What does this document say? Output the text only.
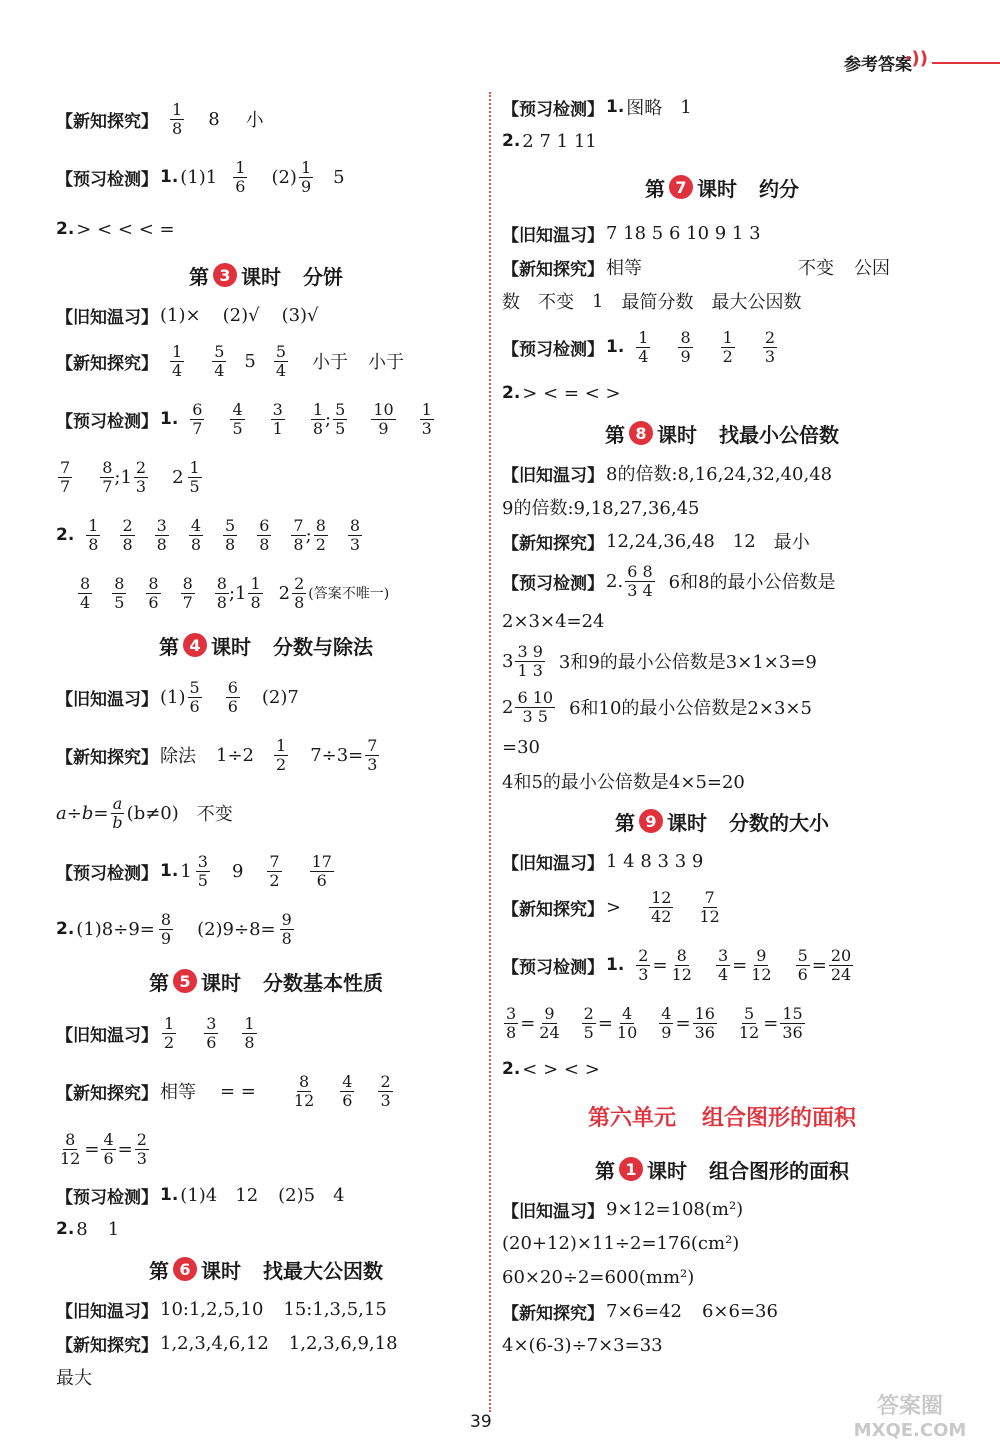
参考答案
·))
【新知探究】 $\frac{1}{8} 8$ 小
【预习检测】 1. $(1)1 \frac{1}{6} (2) \frac{1}{9} 5$
2. > < < < =
第 3 课时 分饼
【旧知温习】 (1)× (2)√ (3)√
【新知探究】 $\frac{1}{4} \frac{5}{4} 5 \frac{5}{4}$ 小于 小于
【预习检测】 1. $\frac{6}{7} \frac{4}{5} \frac{3}{1} \frac{1}{8}$ ; $\frac{5}{5} \frac{10}{9} \frac{1}{3}$
$\frac{7}{7} \frac{8}{7}$ ;1 $\frac{2}{3} 2 \frac{1}{5}$
2. $\frac{1}{8} \frac{2}{8} \frac{3}{8} \frac{4}{8} \frac{5}{8} \frac{6}{8} \frac{7}{8}$ ; $\frac{8}{2} \frac{8}{3}$
$\frac{8}{4} \frac{8}{5} \frac{8}{6} \frac{8}{7} \frac{8}{8}$ ;1 $\frac{1}{8} 2 \frac{2}{8}$ (答案不唯一)
第 4 课时 分数与除法
【旧知温习】 $(1) \frac{5}{6} \frac{6}{6} (2)7$
【新知探究】 除法 $1\div 2 \frac{1}{2} 7\div 3= \frac{7}{3}$
$a\div b= \frac{a}{b} (b\ne 0)$ 不变
【预习检测】 1. $1 \frac{3}{5} 9 \frac{7}{2} \frac{17}{6}$
2. $(1)8\div 9= \frac{8}{9} (2)9\div 8= \frac{9}{8}$
第 5 课时 分数基本性质
【旧知温习】 $\frac{1}{2} \frac{3}{6} \frac{1}{8}$
【新知探究】 相等 = = $\frac{8}{12} \frac{4}{6} \frac{2}{3}$
$\frac{8}{12} = \frac{4}{6} = \frac{2}{3}$
【预习检测】 1. (1)4 12 (2)5 4
2. 8 1
第 6 课时 找最大公因数
【旧知温习】 10:1,2,5,10 15:1,3,5,15
【新知探究】 1,2,3,4,6,12 1,2,3,6,9,18
最大
【预习检测】 1. 图略 1
2. 2 7 1 11
第 7 课时 约分
【旧知温习】 7 18 5 6 10 9 1 3
【新知探究】 相等	不变 公因
数 不变 1 最简分数 最大公因数
【预习检测】 1. $\frac{1}{4} \frac{8}{9} \frac{1}{2} \frac{2}{3}$
2. > < = < >
第 8 课时 找最小公倍数
【旧知温习】 8的倍数:8,16,24,32,40,48
9的倍数:9,18,27,36,45
【新知探究】 12,24,36,48 12 最小
【预习检测】 2. $\frac{6 8}{3 4} 6$和8的最小公倍数是
2×3×4=24
$3 \frac{3 9}{1 3} 3$和9的最小公倍数是3×1×3=9
$2 \frac{6 10}{3 5} 6$和10的最小公倍数是2×3×5
=30
4和5的最小公倍数是4×5=20
第 9 课时 分数的大小
【旧知温习】 1 4 8 3 3 9
【新知探究】 > $\frac{12}{42} \frac{7}{12}$
【预习检测】 1. $\frac{2}{3} = \frac{8}{12} \frac{3}{4} = \frac{9}{12} \frac{5}{6} = \frac{20}{24}$
$\frac{3}{8} = \frac{9}{24} \frac{2}{5} = \frac{4}{10} \frac{4}{9} = \frac{16}{36} \frac{5}{12} = \frac{15}{36}$
2. < > < >
第六单元 组合图形的面积
第 1 课时 组合图形的面积
【旧知温习】 9×12=108(m²)
(20+12)×11÷2=176(cm²)
60×20÷2=600(mm²)
【新知探究】 7×6=42 6×6=36
4×(6-3)÷7×3=33
39
答案圈
MXQE.COM
